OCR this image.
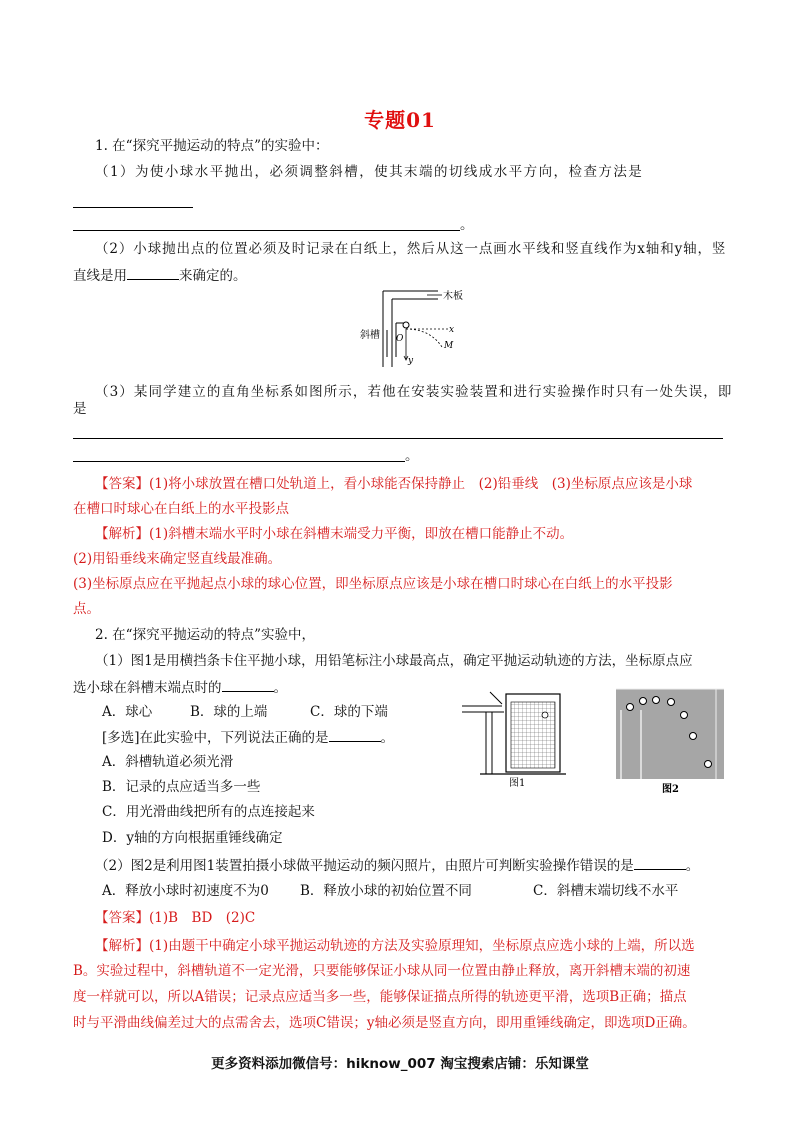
专题01
1. 在“探究平抛运动的特点”的实验中：
（1）为使小球水平抛出，必须调整斜槽，使其末端的切线成水平方向，检查方法是
。
（2）小球抛出点的位置必须及时记录在白纸上，然后从这一点画水平线和竖直线作为x轴和y轴，竖
直线是用	来确定的。
木板
斜槽	x
y
O
M
（3）某同学建立的直角坐标系如图所示，若他在安装实验装置和进行实验操作时只有一处失误，即
是
。
【答案】(1)将小球放置在槽口处轨道上，看小球能否保持静止　(2)铅垂线　(3)坐标原点应该是小球
在槽口时球心在白纸上的水平投影点
【解析】(1)斜槽末端水平时小球在斜槽末端受力平衡，即放在槽口能静止不动。
(2)用铅垂线来确定竖直线最准确。
(3)坐标原点应在平抛起点小球的球心位置，即坐标原点应该是小球在槽口时球心在白纸上的水平投影
点。
2. 在“探究平抛运动的特点”实验中，
（1）图1是用横挡条卡住平抛小球，用铅笔标注小球最高点，确定平抛运动轨迹的方法，坐标原点应
选小球在斜槽末端点时的	。
A．球心	B．球的上端	C．球的下端
[多选]在此实验中，下列说法正确的是	。
A．斜槽轨道必须光滑
B．记录的点应适当多一些
C．用光滑曲线把所有的点连接起来
D．y轴的方向根据重锤线确定
图1
图2
（2）图2是利用图1装置拍摄小球做平抛运动的频闪照片，由照片可判断实验操作错误的是	。
A．释放小球时初速度不为0 B．释放小球的初始位置不同	C．斜槽末端切线不水平
【答案】(1)B　BD　(2)C
【解析】(1)由题干中确定小球平抛运动轨迹的方法及实验原理知，坐标原点应选小球的上端，所以选
B。实验过程中，斜槽轨道不一定光滑，只要能够保证小球从同一位置由静止释放，离开斜槽末端的初速
度一样就可以，所以A错误；记录点应适当多一些，能够保证描点所得的轨迹更平滑，选项B正确；描点
时与平滑曲线偏差过大的点需舍去，选项C错误；y轴必须是竖直方向，即用重锤线确定，即选项D正确。
更多资料添加微信号：hiknow_007 淘宝搜索店铺：乐知课堂
